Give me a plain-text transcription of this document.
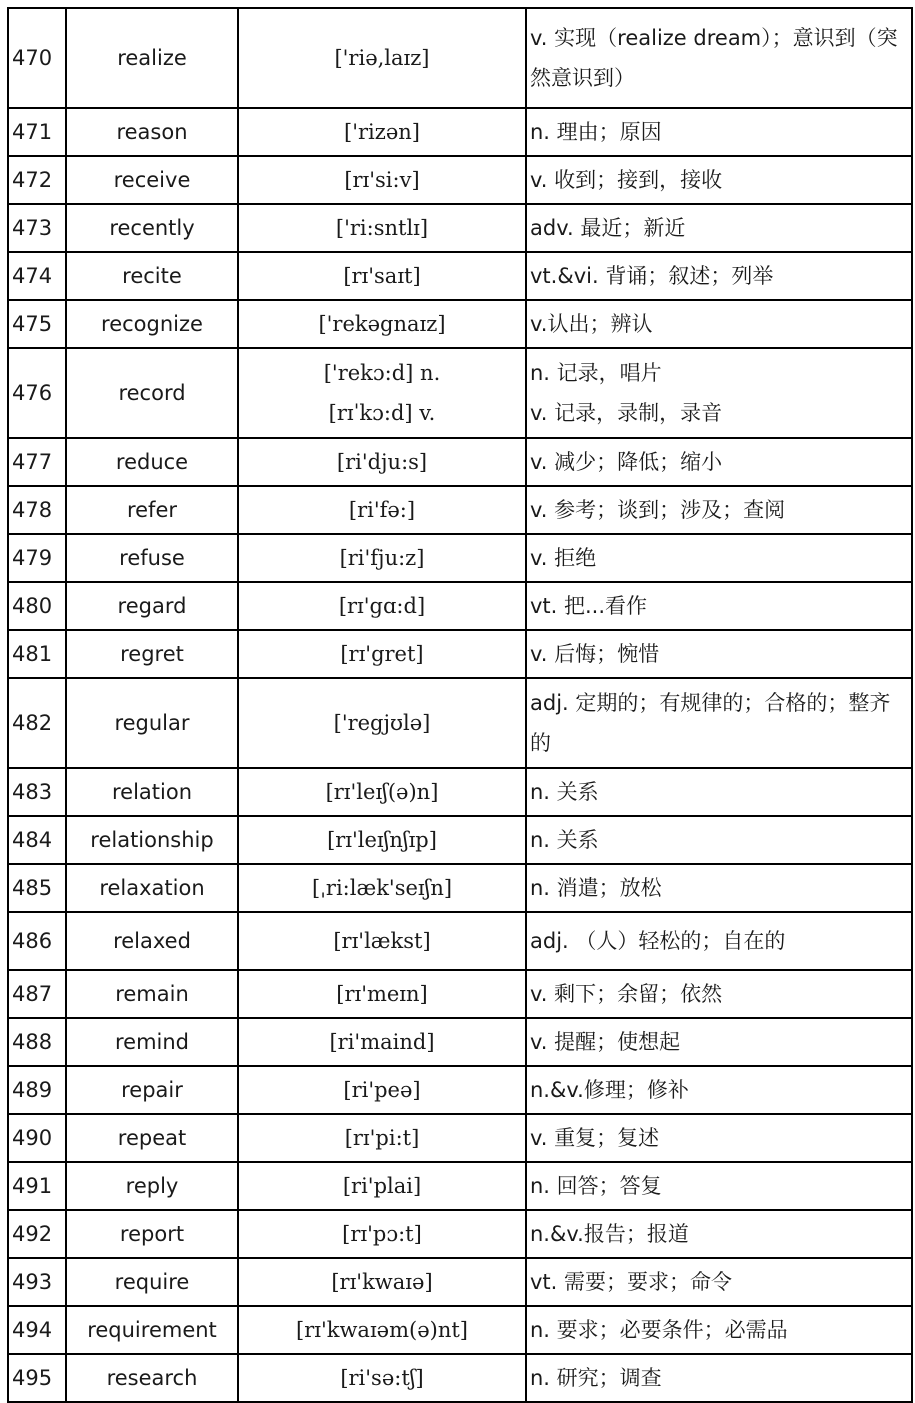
470	realize	['riə,laɪz]	v. 实现（realize dream）；意识到（突
然意识到）

471	reason	['rizən]	n. 理由；原因

472	receive	[rɪ'si:v]	v. 收到；接到，接收

473	recently	['ri:sntlɪ]	adv. 最近；新近

474	recite	[rɪ'saɪt]	vt.&vi. 背诵；叙述；列举

475	recognize	['rekəgnaɪz]	v.认出；辨认

476	record	['rekɔ:d] n.
[rɪˈkɔ:d] v.	n. 记录，唱片
v. 记录，录制，录音

477	reduce	[ri'dju:s]	v. 减少；降低；缩小

478	refer	[ri'fə:]	v. 参考；谈到；涉及；查阅

479	refuse	[ri'fju:z]	v. 拒绝

480	regard	[rɪ'gɑ:d]	vt. 把...看作

481	regret	[rɪ'gret]	v. 后悔；惋惜

482	regular	['regjʊlə]	adj. 定期的；有规律的；合格的；整齐
的

483	relation	[rɪ'leɪʃ(ə)n]	n. 关系

484	relationship	[rɪ'leɪʃnʃɪp]	n. 关系

485	relaxation	[ˌri:læk'seɪʃn]	n. 消遣；放松

486	relaxed	[rɪ'lækst]	adj. （人）轻松的；自在的

487	remain	[rɪ'meɪn]	v. 剩下；余留；依然

488	remind	[ri'maind]	v. 提醒；使想起

489	repair	[ri'peə]	n.&v.修理；修补

490	repeat	[rɪ'pi:t]	v. 重复；复述

491	reply	[ri'plai]	n. 回答；答复

492	report	[rɪ'pɔ:t]	n.&v.报告；报道

493	require	[rɪ'kwaɪə]	vt. 需要；要求；命令

494	requirement	[rɪ'kwaɪəm(ə)nt]	n. 要求；必要条件；必需品

495	research	[ri'sə:tʃ]	n. 研究；调查
